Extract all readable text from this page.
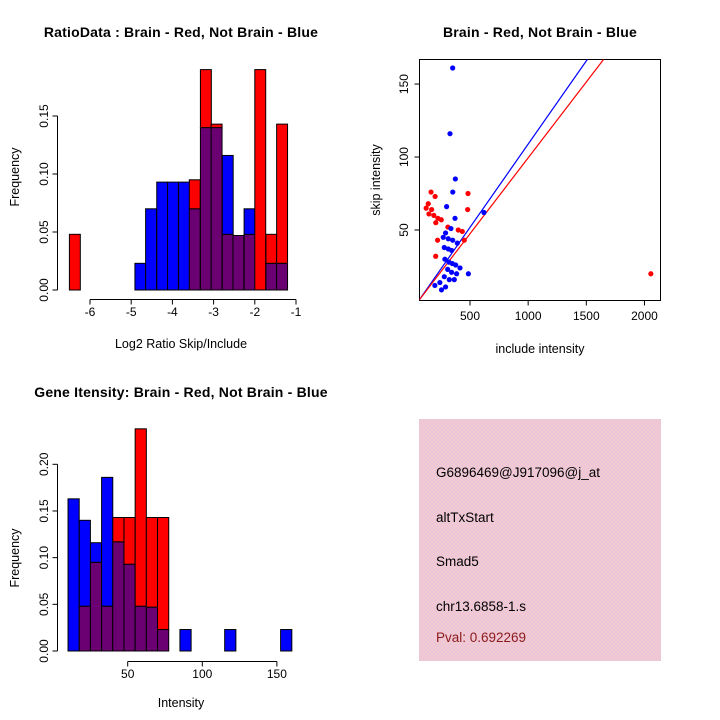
-6	-5	-4	-3	-2	-1
0.00
0.05
0.10
0.15
500	1000	1500	2000
50
100
150
50	100	150
0.00
0.05
0.10
0.15
0.20
RatioData : Brain - Red, Not Brain - Blue
Log2 Ratio Skip/Include
Frequency
Brain - Red, Not Brain - Blue
include intensity
skip intensity
Gene Itensity: Brain - Red, Not Brain - Blue
Intensity
Frequency
G6896469@J917096@j_at
altTxStart
Smad5
chr13.6858-1.s
Pval: 0.692269
